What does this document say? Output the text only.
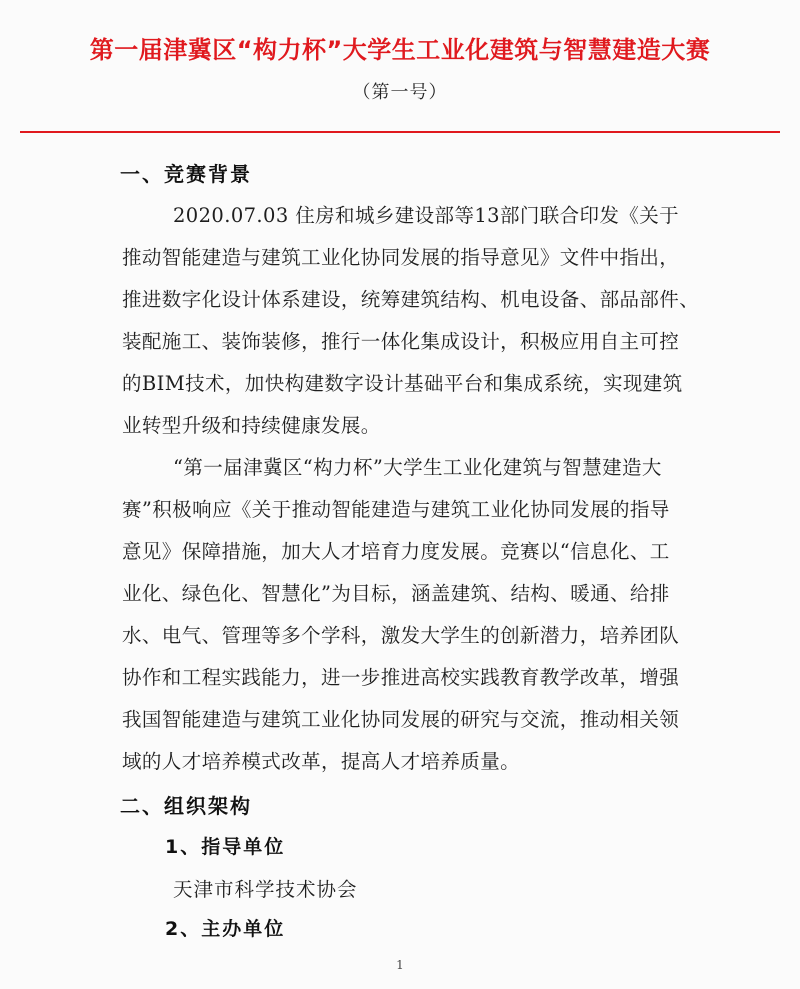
第一届津冀区“构力杯”大学生工业化建筑与智慧建造大赛
（第一号）
一、竞赛背景
2020.07.03 住房和城乡建设部等13部门联合印发《关于
推动智能建造与建筑工业化协同发展的指导意见》文件中指出，
推进数字化设计体系建设，统筹建筑结构、机电设备、部品部件、
装配施工、装饰装修，推行一体化集成设计，积极应用自主可控
的BIM技术，加快构建数字设计基础平台和集成系统，实现建筑
业转型升级和持续健康发展。
“第一届津冀区“构力杯”大学生工业化建筑与智慧建造大
赛”积极响应《关于推动智能建造与建筑工业化协同发展的指导
意见》保障措施，加大人才培育力度发展。竞赛以“信息化、工
业化、绿色化、智慧化”为目标，涵盖建筑、结构、暖通、给排
水、电气、管理等多个学科，激发大学生的创新潜力，培养团队
协作和工程实践能力，进一步推进高校实践教育教学改革，增强
我国智能建造与建筑工业化协同发展的研究与交流，推动相关领
域的人才培养模式改革，提高人才培养质量。
二、组织架构
1、指导单位
天津市科学技术协会
2、主办单位
1
